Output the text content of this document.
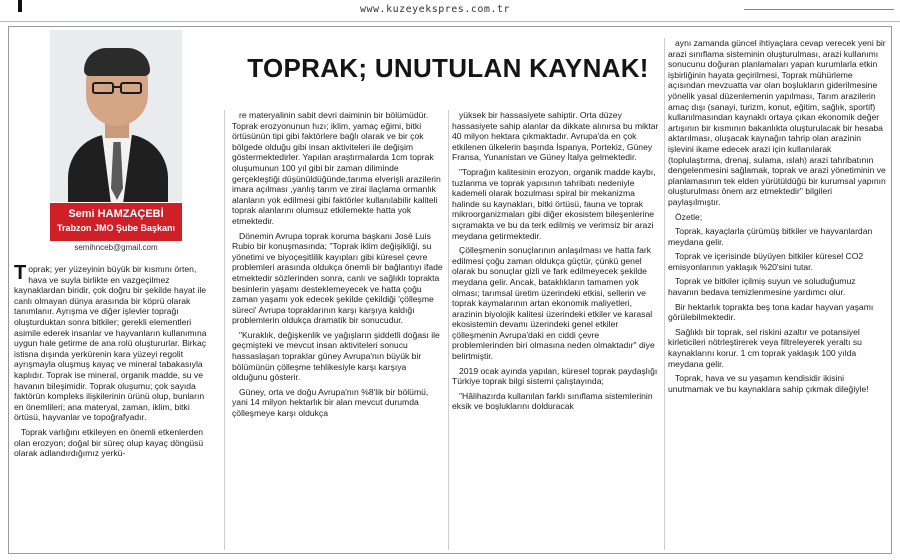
www.kuzeyekspres.com.tr
Semi HAMZAÇEBİ
Trabzon JMO Şube Başkanı
semihnceb@gmail.com
TOPRAK; UNUTULAN KAYNAK!

Toprak; yer yüzeyinin büyük bir kısmını örten, hava ve suyla birlikte en vazgeçilmez kaynaklardan biridir, çok doğru bir şekilde hayat ile canlı olmayan dünya arasında bir köprü olarak tanımlanır. Ayrışma ve diğer işlevler toprağı oluşturduktan sonra bitkiler; gerekli elementleri asimile ederek insanlar ve hayvanların kullanımına uygun hale getirme de ana rolü oluştururlar. Birkaç istisna dışında yerkürenin kara yüzeyi regolit ayrışmayla oluşmuş kayaç ve mineral tabakasıyla kaplıdır. Toprak ise mineral, organik madde, su ve havanın bileşimidir. Toprak oluşumu; çok sayıda faktörün kompleks ilişkilerinin ürünü olup, bunların en önemlileri; ana materyal, zaman, iklim, bitki örtüsü, hayvanlar ve topoğrafyadır.

Toprak varlığını etkileyen en önemli etkenlerden olan erozyon; doğal bir süreç olup kayaç döngüsü olarak adlandırdığımız yerkü-

re materyalinin sabit devri daiminin bir bölümüdür. Toprak erozyonunun hızı; iklim, yamaç eğimi, bitki örtüsünün tipi gibi faktörlere bağlı olarak ve bir çok bölgede olduğu gibi insan aktiviteleri ile değişim göstermektedirler. Yapılan araştırmalarda 1cm toprak oluşumunun 100 yıl gibi bir zaman diliminde gerçekleştiği düşünüldüğünde,tarıma elverişli arazilerin imara açılması ,yanlış tarım ve zirai ilaçlama ormanlık alanların yok edilmesi gibi faktörler kullanılabilir kaliteli toprak alanlarını olumsuz etkilemekte hatta yok etmektedir.

Dönemin Avrupa toprak koruma başkanı José Luis Rubio bir konuşmasında; "Toprak iklim değişikliği, su yönetimi ve biyoçeşitlilik kayıpları gibi küresel çevre problemleri arasında oldukça önemli bir bağlantıyı ifade etmektedir sözlerinden sonra, canlı ve sağlıklı toprakta besinlerin yaşamı desteklemeyecek ve hatta çoğu zaman yaşamı yok edecek şekilde çekildiği 'çölleşme süreci' Avrupa topraklarının karşı karşıya kaldığı problemlerin oldukça dramatik bir sonucudur.

"Kuraklık, değişkenlik ve yağışların şiddetli doğası ile geçmişteki ve mevcut insan aktiviteleri sonucu hassaslaşan topraklar güney Avrupa'nın büyük bir bölümünün çölleşme tehlikesiyle karşı karşıya olduğunu gösterir.

Güney, orta ve doğu Avrupa'nın %8'lik bir bölümü, yani 14 milyon hektarlık bir alan mevcut durumda çölleşmeye karşı oldukça

yüksek bir hassasiyete sahiptir. Orta düzey hassasiyete sahip alanlar da dikkate alınırsa bu miktar 40 milyon hektara çıkmaktadır. Avrupa'da en çok etkilenen ülkelerin başında İspanya, Portekiz, Güney Fransa, Yunanistan ve Güney İtalya gelmektedir.

"Toprağın kalitesinin erozyon, organik madde kaybı, tuzlanma ve toprak yapısının tahribatı nedeniyle kademeli olarak bozulması spiral bir mekanizma halinde su kaynakları, bitki örtüsü, fauna ve toprak mikroorganizmaları gibi diğer ekosistem bileşenlerine sıçramakta ve bu da terk edilmiş ve verimsiz bir arazi meydana getirmektedir.

Çölleşmenin sonuçlarının anlaşılması ve hatta fark edilmesi çoğu zaman oldukça güçtür, çünkü genel olarak bu sonuçlar gizli ve fark edilmeyecek şekilde meydana gelir. Ancak, bataklıkların tamamen yok olması; tarımsal üretim üzerindeki etkisi, sellerin ve toprak kaymalarının artan ekonomik maliyetleri, arazinin biyolojik kalitesi üzerindeki etkiler ve karasal ekosistemin devamı üzerindeki genel etkiler çölleşmenin Avrupa'daki en ciddi çevre problemlerinden biri olmasına neden olmaktadır" diye belirtmiştir.

2019 ocak ayında yapılan, küresel toprak paydaşlığı Türkiye toprak bilgi sistemi çalıştayında;

"Hâlihazırda kullanılan farklı sınıflama sistemlerinin eksik ve boşluklarını dolduracak

aynı zamanda güncel ihtiyaçlara cevap verecek yeni bir arazi sınıflama sisteminin oluşturulması, arazi kullanımı sonucunu doğuran planlamaları yapan kurumlarla etkin işbirliğinin hayata geçirilmesi, Toprak mühürleme açısından mevzuatta var olan boşlukların giderilmesine yönelik yasal düzenlemenin yapılması, Tarım arazilerin amaç dışı (sanayi, turizm, konut, eğitim, sağlık, sportif) kullanılmasından kaynaklı ortaya çıkan ekonomik değer artışının bir kısmının bakanlıkta oluşturulacak bir hesaba aktarılması, oluşacak kaynağın tahrip olan arazinin işlevini ikame edecek arazi için kullanılarak (toplulaştırma, drenaj, sulama, ıslah) arazi tahribatının dengelenmesini sağlamak, toprak ve arazi yönetiminin ve planlamasının tek elden yürütüldüğü bir kurumsal yapının oluşturulması önem arz etmektedir" bilgileri paylaşılmıştır.

Özetle;

Toprak, kayaçlarla çürümüş bitkiler ve hayvanlardan meydana gelir.

Toprak ve içerisinde büyüyen bitkiler küresel CO2 emisyonlarının yaklaşık %20'sini tutar.

Toprak ve bitkiler içilmiş suyun ve soluduğumuz havanın bedava temizlenmesine yardımcı olur.

Bir hektarlık toprakta beş tona kadar hayvan yaşamı görülebilmektedir.

Sağlıklı bir toprak, sel riskini azaltır ve potansiyel kirleticileri nötrleştirerek veya filtreleyerek yeraltı su kaynaklarını korur. 1 cm toprak yaklaşık 100 yılda meydana gelir.

Toprak, hava ve su yaşamın kendisidir ikisini unutmamak ve bu kaynaklara sahip çıkmak dileğiyle!
